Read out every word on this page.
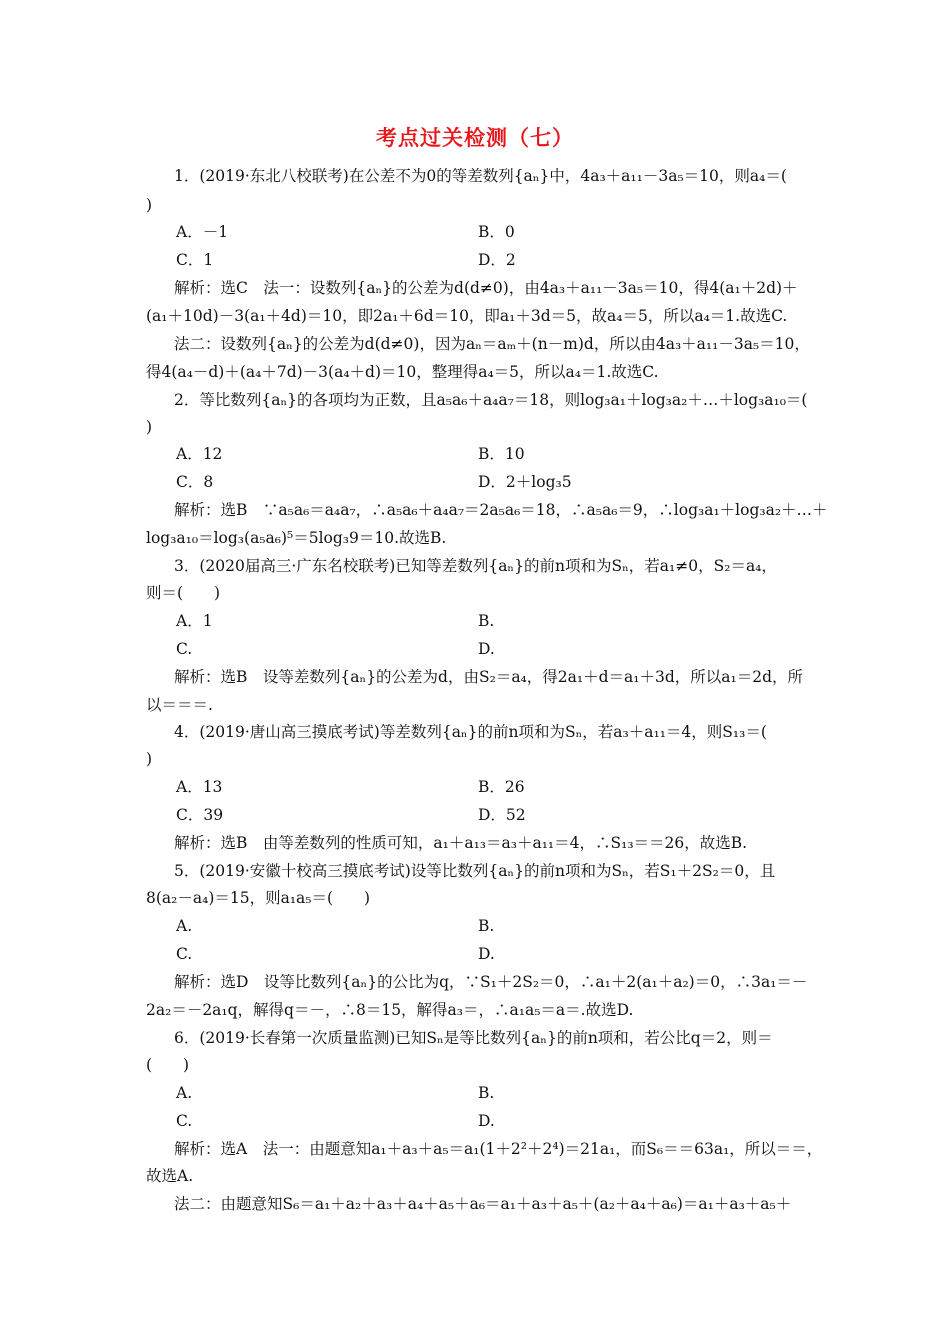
考点过关检测（七）
1．(2019·东北八校联考)在公差不为0的等差数列{aₙ}中，4a₃＋a₁₁－3a₅＝10，则a₄＝(
)
A．－1	B．0
C．1	D．2
解析：选C　法一：设数列{aₙ}的公差为d(d≠0)，由4a₃＋a₁₁－3a₅＝10，得4(a₁＋2d)＋
(a₁＋10d)－3(a₁＋4d)＝10，即2a₁＋6d＝10，即a₁＋3d＝5，故a₄＝5，所以a₄＝1.故选C.
法二：设数列{aₙ}的公差为d(d≠0)，因为aₙ＝aₘ＋(n－m)d，所以由4a₃＋a₁₁－3a₅＝10，
得4(a₄－d)＋(a₄＋7d)－3(a₄＋d)＝10，整理得a₄＝5，所以a₄＝1.故选C.
2．等比数列{aₙ}的各项均为正数，且a₅a₆＋a₄a₇＝18，则log₃a₁＋log₃a₂＋…＋log₃a₁₀＝(
)
A．12	B．10
C．8	D．2＋log₃5
解析：选B　∵a₅a₆＝a₄a₇，∴a₅a₆＋a₄a₇＝2a₅a₆＝18，∴a₅a₆＝9，∴log₃a₁＋log₃a₂＋…＋
log₃a₁₀＝log₃(a₅a₆)⁵＝5log₃9＝10.故选B.
3．(2020届高三·广东名校联考)已知等差数列{aₙ}的前n项和为Sₙ，若a₁≠0，S₂＝a₄，
则＝(　　)
A．1	B.
C.	D.
解析：选B　设等差数列{aₙ}的公差为d，由S₂＝a₄，得2a₁＋d＝a₁＋3d，所以a₁＝2d，所
以＝＝＝.
4．(2019·唐山高三摸底考试)等差数列{aₙ}的前n项和为Sₙ，若a₃＋a₁₁＝4，则S₁₃＝(
)
A．13	B．26
C．39	D．52
解析：选B　由等差数列的性质可知，a₁＋a₁₃＝a₃＋a₁₁＝4，∴S₁₃＝＝26，故选B.
5．(2019·安徽十校高三摸底考试)设等比数列{aₙ}的前n项和为Sₙ，若S₁＋2S₂＝0，且
8(a₂－a₄)＝15，则a₁a₅＝(　　)
A.	B.
C.	D.
解析：选D　设等比数列{aₙ}的公比为q，∵S₁＋2S₂＝0，∴a₁＋2(a₁＋a₂)＝0，∴3a₁＝－
2a₂＝－2a₁q，解得q＝－，∴8＝15，解得a₃＝，∴a₁a₅＝a＝.故选D.
6．(2019·长春第一次质量监测)已知Sₙ是等比数列{aₙ}的前n项和，若公比q＝2，则＝
(　　)
A.	B.
C.	D.
解析：选A　法一：由题意知a₁＋a₃＋a₅＝a₁(1＋2²＋2⁴)＝21a₁，而S₆＝＝63a₁，所以＝＝，
故选A.
法二：由题意知S₆＝a₁＋a₂＋a₃＋a₄＋a₅＋a₆＝a₁＋a₃＋a₅＋(a₂＋a₄＋a₆)＝a₁＋a₃＋a₅＋
